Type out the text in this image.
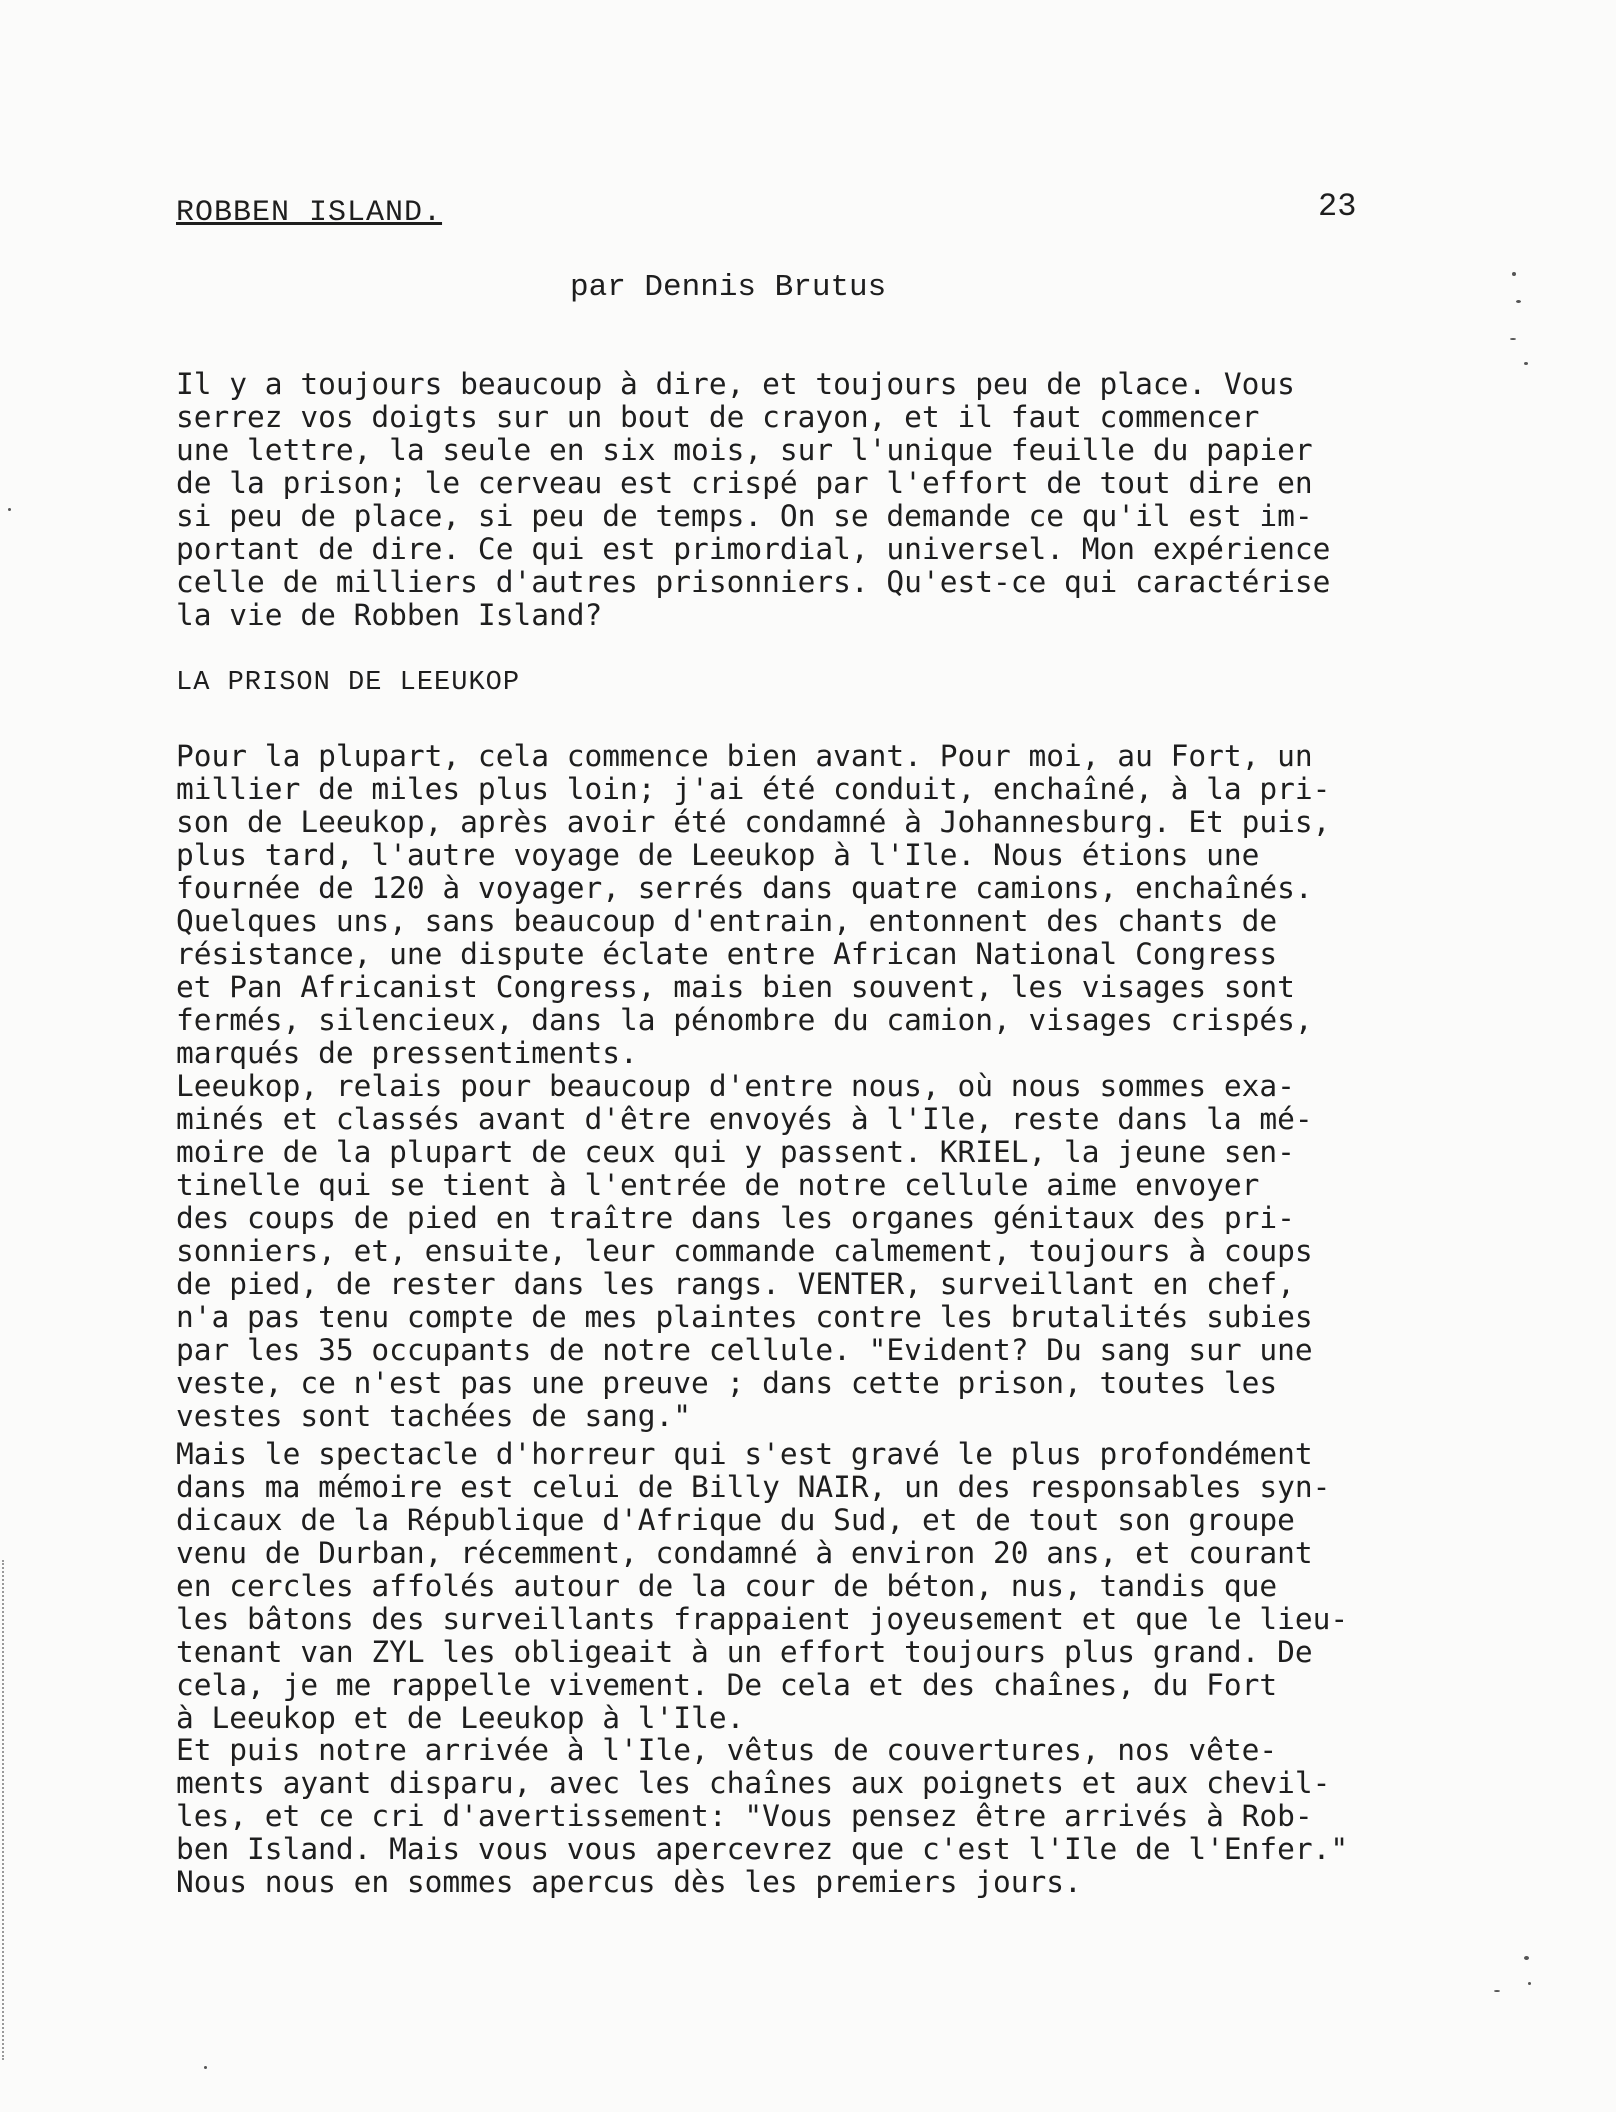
ROBBEN ISLAND.	23
par Dennis Brutus
Il y a toujours beaucoup à dire, et toujours peu de place. Vous
serrez vos doigts sur un bout de crayon, et il faut commencer
une lettre, la seule en six mois, sur l'unique feuille du papier
de la prison; le cerveau est crispé par l'effort de tout dire en
si peu de place, si peu de temps. On se demande ce qu'il est im-
portant de dire. Ce qui est primordial, universel. Mon expérience
celle de milliers d'autres prisonniers. Qu'est-ce qui caractérise
la vie de Robben Island?
LA PRISON DE LEEUKOP
Pour la plupart, cela commence bien avant. Pour moi, au Fort, un
millier de miles plus loin; j'ai été conduit, enchaîné, à la pri-
son de Leeukop, après avoir été condamné à Johannesburg. Et puis,
plus tard, l'autre voyage de Leeukop à l'Ile. Nous étions une
fournée de 120 à voyager, serrés dans quatre camions, enchaînés.
Quelques uns, sans beaucoup d'entrain, entonnent des chants de
résistance, une dispute éclate entre African National Congress
et Pan Africanist Congress, mais bien souvent, les visages sont
fermés, silencieux, dans la pénombre du camion, visages crispés,
marqués de pressentiments.
Leeukop, relais pour beaucoup d'entre nous, où nous sommes exa-
minés et classés avant d'être envoyés à l'Ile, reste dans la mé-
moire de la plupart de ceux qui y passent. KRIEL, la jeune sen-
tinelle qui se tient à l'entrée de notre cellule aime envoyer
des coups de pied en traître dans les organes génitaux des pri-
sonniers, et, ensuite, leur commande calmement, toujours à coups
de pied, de rester dans les rangs. VENTER, surveillant en chef,
n'a pas tenu compte de mes plaintes contre les brutalités subies
par les 35 occupants de notre cellule. "Evident? Du sang sur une
veste, ce n'est pas une preuve ; dans cette prison, toutes les
vestes sont tachées de sang."
Mais le spectacle d'horreur qui s'est gravé le plus profondément
dans ma mémoire est celui de Billy NAIR, un des responsables syn-
dicaux de la République d'Afrique du Sud, et de tout son groupe
venu de Durban, récemment, condamné à environ 20 ans, et courant
en cercles affolés autour de la cour de béton, nus, tandis que
les bâtons des surveillants frappaient joyeusement et que le lieu-
tenant van ZYL les obligeait à un effort toujours plus grand. De
cela, je me rappelle vivement. De cela et des chaînes, du Fort
à Leeukop et de Leeukop à l'Ile.
Et puis notre arrivée à l'Ile, vêtus de couvertures, nos vête-
ments ayant disparu, avec les chaînes aux poignets et aux chevil-
les, et ce cri d'avertissement: "Vous pensez être arrivés à Rob-
ben Island. Mais vous vous apercevrez que c'est l'Ile de l'Enfer."
Nous nous en sommes apercus dès les premiers jours.
